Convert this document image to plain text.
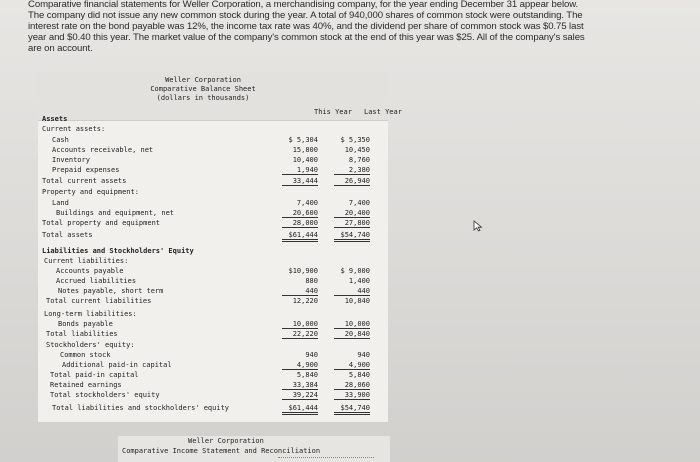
Comparative financial statements for Weller Corporation, a merchandising company, for the year ending December 31 appear below.
The company did not issue any new common stock during the year. A total of 940,000 shares of common stock were outstanding. The
interest rate on the bond payable was 12%, the income tax rate was 40%, and the dividend per share of common stock was $0.75 last
year and $0.40 this year. The market value of the company's common stock at the end of this year was $25. All of the company's sales
are on account.
Weller Corporation
Comparative Balance Sheet
(dollars in thousands)
This Year Last Year
Assets
Current assets:
Cash	$ 5,304	$ 5,350
Accounts receivable, net	15,800	10,450
Inventory	10,400	8,760
Prepaid expenses	1,940	2,380
Total current assets	33,444	26,940
Property and equipment:
Land	7,400	7,400
Buildings and equipment, net	20,600	20,400
Total property and equipment	28,000	27,800
Total assets	$61,444	$54,740
Liabilities and Stockholders' Equity
Current liabilities:
Accounts payable	$10,900	$ 9,000
Accrued liabilities	880	1,400
Notes payable, short term	440	440
Total current liabilities	12,220	10,840
Long-term liabilities:
Bonds payable	10,000	10,000
Total liabilities	22,220	20,840
Stockholders' equity:
Common stock	940	940
Additional paid-in capital	4,900	4,900
Total paid-in capital	5,840	5,840
Retained earnings	33,384	28,060
Total stockholders' equity	39,224	33,900
Total liabilities and stockholders' equity	$61,444	$54,740
Weller Corporation
Comparative Income Statement and Reconciliation
